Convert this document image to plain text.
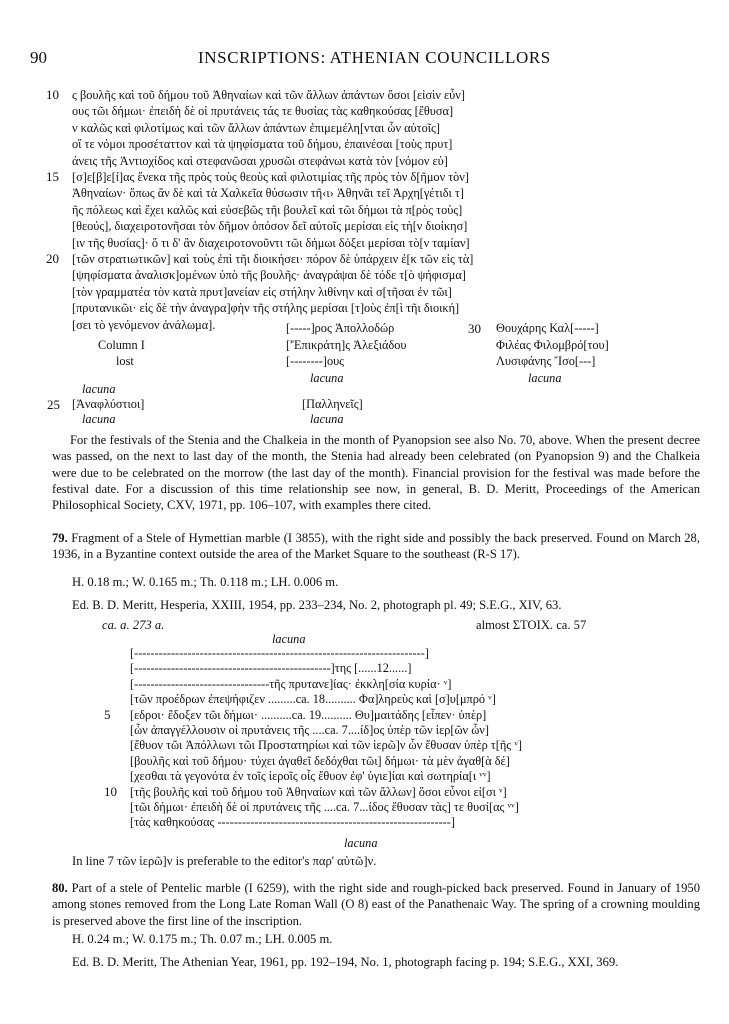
90	INSCRIPTIONS: ATHENIAN COUNCILLORS
10 ς βουλῆς καὶ τοῦ δήμου τοῦ Ἀθηναίων καὶ τῶν ἄλλων ἁπάντων ὅσοι [εἰσὶν εὖν]
ους τῶι δήμωι· ἐπειδὴ δὲ οἱ πρυτάνεις τάς τε θυσίας τὰς καθηκούσας [ἔθυσα]
ν καλῶς καὶ φιλοτίμως καὶ τῶν ἄλλων ἁπάντων ἐπιμεμέλη[νται ὧν αὐτοῖς]
οἵ τε νόμοι προσέταττον καὶ τὰ ψηφίσματα τοῦ δήμου, ἐπαινέσαι [τοὺς πρυτ]
άνεις τῆς Ἀντιοχίδος καὶ στεφανῶσαι χρυσῶι στεφάνωι κατὰ τὸν [νόμον εὐ]
15 [σ]ε[β]ε[ί]ας ἕνεκα τῆς πρὸς τοὺς θεοὺς καὶ φιλοτιμίας τῆς πρὸς τὸν δ[ῆμον τὸν]
Ἀθηναίων· ὅπως ἂν δὲ καὶ τὰ Χαλκεῖα θύσωσιν τῆ‹ι› Ἀθηνᾶι τεῖ Ἀρχη[γέτιδι τ]
ῆς πόλεως καὶ ἔχει καλῶς καὶ εὐσεβῶς τῆι βουλεῖ καὶ τῶι δήμωι τὰ π[ρὸς τοὺς]
[θεούς], διαχειροτονῆσαι τὸν δῆμον ὁπόσον δεῖ αὐτοῖς μερίσαι εἰς τὴ[ν διοίκησ]
[ιν τῆς θυσίας]· ὅ τι δ' ἂν διαχειροτονοῦντι τῶι δήμωι δόξει μερίσαι τὸ[ν ταμίαν]
20 [τῶν στρατιωτικῶν] καὶ τοὺς ἐπὶ τῆι διοικήσει· πόρον δὲ ὑπάρχειν ἐ[κ τῶν εἰς τὰ]
[ψηφίσματα ἀναλισκ]ομένων ὑπὸ τῆς βουλῆς· ἀναγράψαι δὲ τόδε τ[ὸ ψήφισμα]
[τὸν γραμματέα τὸν κατὰ πρυτ]ανείαν εἰς στήλην λιθίνην καὶ σ[τῆσαι ἐν τῶι]
[πρυτανικῶι· εἰς δὲ τὴν ἀναγρα]φὴν τῆς στήλης μερίσαι [τ]οὺς ἐπ[ὶ τῆι διοική]
[σει τὸ γενόμενον ἀνάλωμα].
Column I
lost
[-----]ρος Ἀπολλοδώρ
['Ἐπικράτη]ς Ἀλεξιάδου
[--------]ους
lacuna
30 Θουχάρης Καλ[-----]
Φιλέας Φιλομβρό[του]
Λυσιφάνης Ἴσο[---]
lacuna
lacuna
25 [Ἀναφλύστιοι]
lacuna
[Παλληνεῖς]
lacuna
For the festivals of the Stenia and the Chalkeia in the month of Pyanopsion see also No. 70, above. When the present decree was passed, on the next to last day of the month, the Stenia had already been celebrated (on Pyanopsion 9) and the Chalkeia were due to be celebrated on the morrow (the last day of the month). Financial provision for the festival was made before the festival date. For a discussion of this time relationship see now, in general, B. D. Meritt, Proceedings of the American Philosophical Society, CXV, 1971, pp. 106–107, with examples there cited.
79. Fragment of a Stele of Hymettian marble (I 3855), with the right side and possibly the back preserved. Found on March 28, 1936, in a Byzantine context outside the area of the Market Square to the southeast (R-S 17).
H. 0.18 m.; W. 0.165 m.; Th. 0.118 m.; LH. 0.006 m.
Ed. B. D. Meritt, Hesperia, XXIII, 1954, pp. 233–234, No. 2, photograph pl. 49; S.E.G., XIV, 63.
ca. a. 273 a.	almost ΣΤΟΙΧ. ca. 57
lacuna
[-----------------------------------------------------------------------]
[------------------------------------------------]της [......12......]
[---------------------------------τῆς πρυτανε]ίας· ἐκκλη[σία κυρία· ᵛ]
[τῶν προέδρων ἐπεψήφιζεν .........ca. 18.......... Φα]ληρεὺς καὶ [σ]υ[μπρό ᵛ]
5 [εδροι· ἔδοξεν τῶι δήμωι· ..........ca. 19.......... Θυ]μαιτάδης [εἶπεν· ὑπὲρ]
[ὧν ἀπαγγέλλουσιν οἱ πρυτάνεις τῆς ....ca. 7....ίδ]ος ὑπὲρ τῶν ἱερ[ῶν ὧν]
[ἔθυον τῶι Ἀπόλλωνι τῶι Προστατηρίωι καὶ τῶν ἱερῶ]ν ὧν ἔθυσαν ὑπὲρ τ[ῆς ᵛ]
[βουλῆς καὶ τοῦ δήμου· τύχει ἀγαθεῖ δεδόχθαι τῶι] δήμωι· τὰ μὲν ἀγαθ[ὰ δέ]
[χεσθαι τὰ γεγονότα ἐν τοῖς ἱεροῖς οἷς ἔθυον ἐφ' ὑγιε]ίαι καὶ σωτηρία[ι ᵛᵛ]
10 [τῆς βουλῆς καὶ τοῦ δήμου τοῦ Ἀθηναίων καὶ τῶν ἄλλων] ὅσοι εὖνοι εἰ[σι ᵛ]
[τῶι δήμωι· ἐπειδὴ δὲ οἱ πρυτάνεις τῆς ....ca. 7...ίδος ἔθυσαν τὰς] τε θυσί[ας ᵛᵛ]
[τὰς καθηκούσας ---------------------------------------------------------]
lacuna
In line 7 τῶν ἱερῶ]ν is preferable to the editor's παρ' αὐτῶ]ν.
80. Part of a stele of Pentelic marble (I 6259), with the right side and rough-picked back preserved. Found in January of 1950 among stones removed from the Long Late Roman Wall (O 8) east of the Panathenaic Way. The spring of a crowning moulding is preserved above the first line of the inscription.
H. 0.24 m.; W. 0.175 m.; Th. 0.07 m.; LH. 0.005 m.
Ed. B. D. Meritt, The Athenian Year, 1961, pp. 192–194, No. 1, photograph facing p. 194; S.E.G., XXI, 369.
